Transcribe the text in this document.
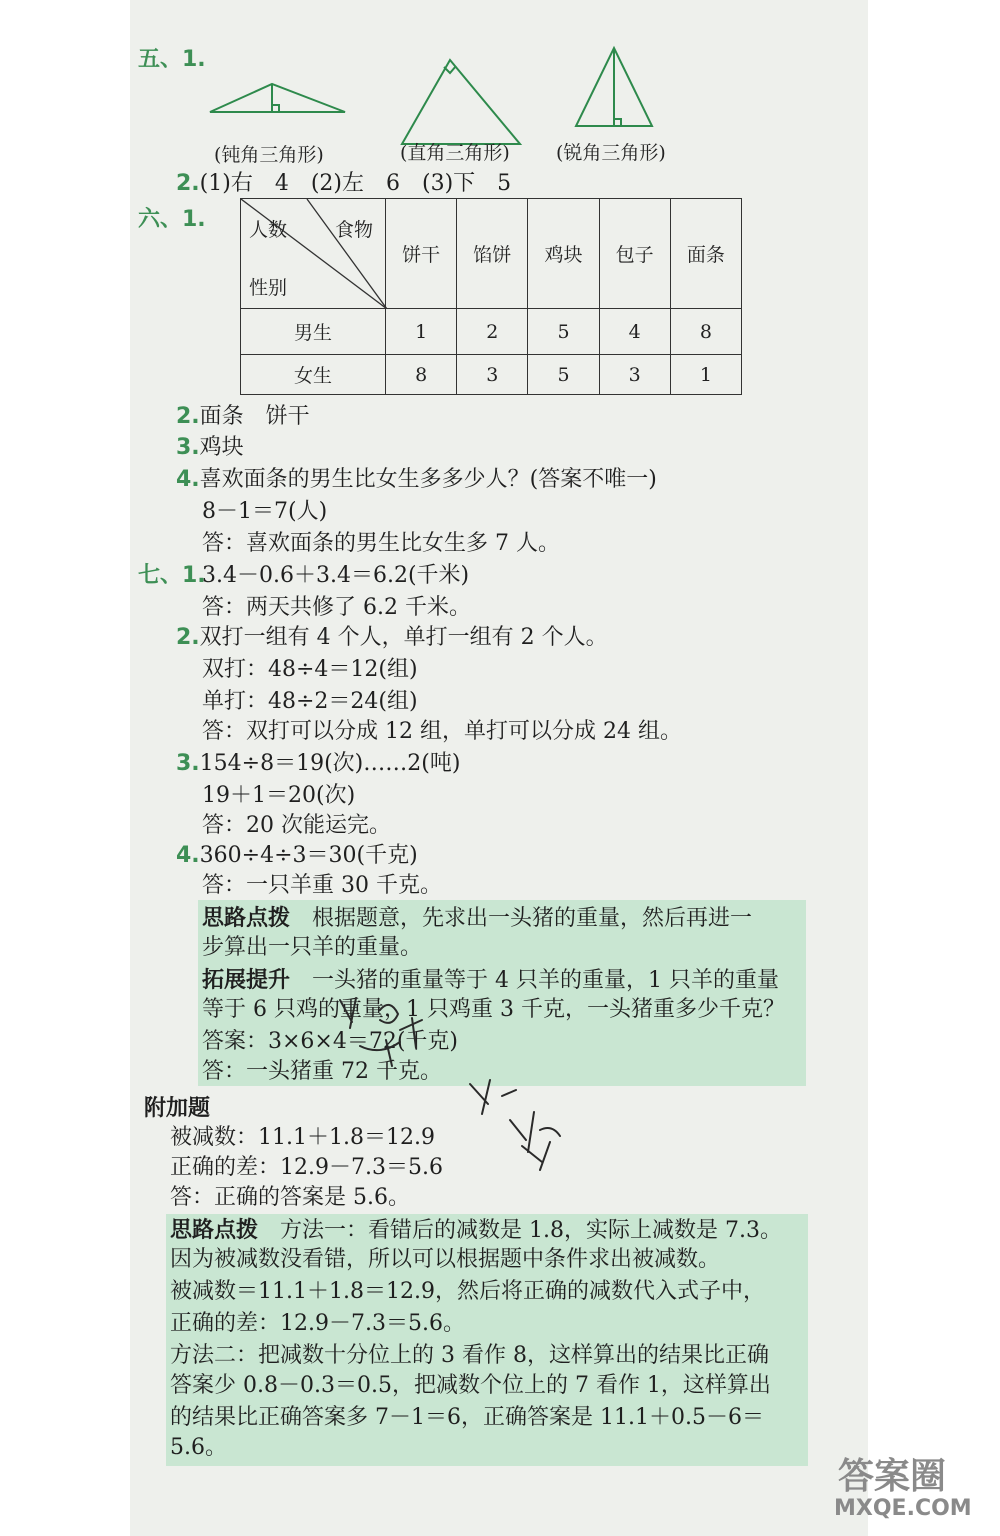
五、1.
(钝角三角形)	(直角三角形) (锐角三角形)
2.(1)右　4　(2)左　6　(3)下　5
六、1. 人数 食物
性别	饼干	馅饼	鸡块	包子	面条
男生	1	2	5	4	8
女生	8	3	5	3	1
2.面条　饼干
3.鸡块
4.喜欢面条的男生比女生多多少人？(答案不唯一)
8－1＝7(人)
答：喜欢面条的男生比女生多 7 人。
七、1.
3.4－0.6＋3.4＝6.2(千米)
答：两天共修了 6.2 千米。
2.双打一组有 4 个人，单打一组有 2 个人。
双打：48÷4＝12(组)
单打：48÷2＝24(组)
答：双打可以分成 12 组，单打可以分成 24 组。
3.154÷8＝19(次)……2(吨)
19＋1＝20(次)
答：20 次能运完。
4.360÷4÷3＝30(千克)
答：一只羊重 30 千克。
思路点拨　根据题意，先求出一头猪的重量，然后再进一
步算出一只羊的重量。
拓展提升　一头猪的重量等于 4 只羊的重量，1 只羊的重量
等于 6 只鸡的重量，1 只鸡重 3 千克，一头猪重多少千克？
答案：3×6×4＝72(千克)
答：一头猪重 72 千克。
附加题
被减数：11.1＋1.8＝12.9
正确的差：12.9－7.3＝5.6
答：正确的答案是 5.6。
思路点拨　方法一：看错后的减数是 1.8，实际上减数是 7.3。
因为被减数没看错，所以可以根据题中条件求出被减数。
被减数＝11.1＋1.8＝12.9，然后将正确的减数代入式子中，
正确的差：12.9－7.3＝5.6。
方法二：把减数十分位上的 3 看作 8，这样算出的结果比正确
答案少 0.8－0.3＝0.5，把减数个位上的 7 看作 1，这样算出
的结果比正确答案多 7－1＝6，正确答案是 11.1＋0.5－6＝
5.6。
答案圈
MXQE.COM
